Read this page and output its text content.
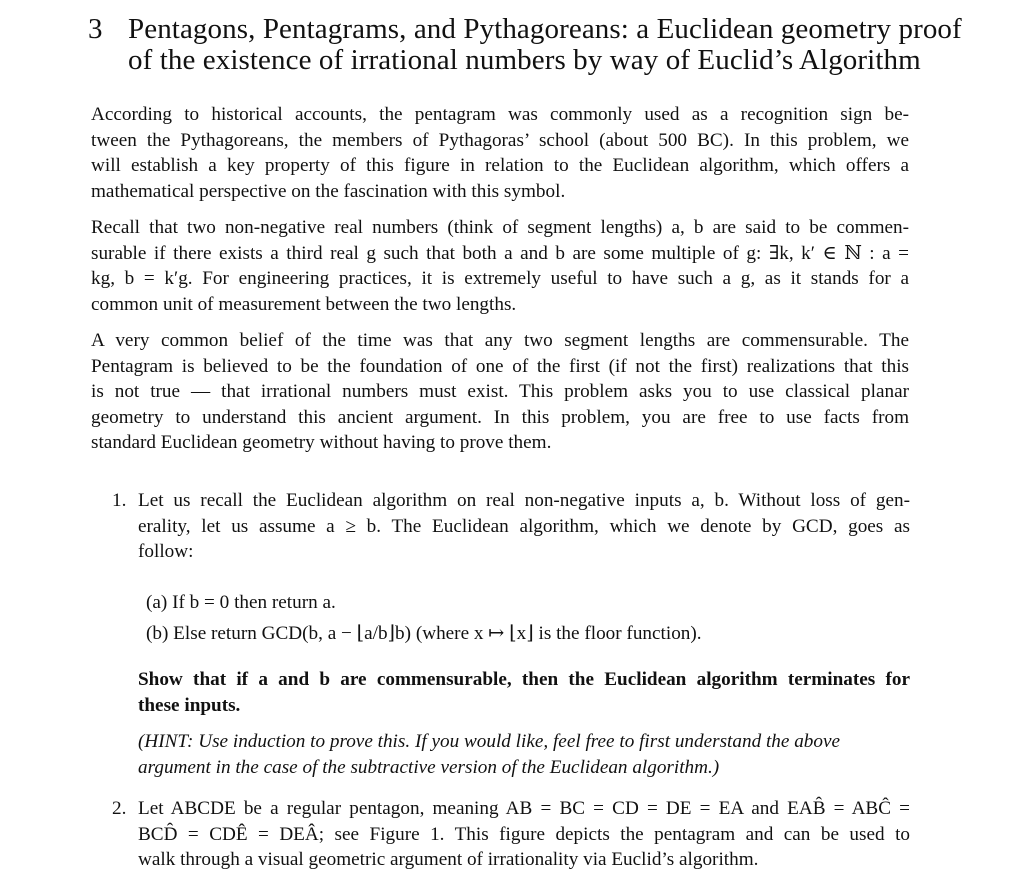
3 Pentagons, Pentagrams, and Pythagoreans: a Euclidean geometry proof
of the existence of irrational numbers by way of Euclid’s Algorithm
According to historical accounts, the pentagram was commonly used as a recognition sign be-
tween the Pythagoreans, the members of Pythagoras’ school (about 500 BC). In this problem, we
will establish a key property of this figure in relation to the Euclidean algorithm, which offers a
mathematical perspective on the fascination with this symbol.
Recall that two non-negative real numbers (think of segment lengths) a, b are said to be commen-
surable if there exists a third real g such that both a and b are some multiple of g: ∃k, k′ ∈ ℕ : a =
kg, b = k′g. For engineering practices, it is extremely useful to have such a g, as it stands for a
common unit of measurement between the two lengths.
A very common belief of the time was that any two segment lengths are commensurable. The
Pentagram is believed to be the foundation of one of the first (if not the first) realizations that this
is not true — that irrational numbers must exist. This problem asks you to use classical planar
geometry to understand this ancient argument. In this problem, you are free to use facts from
standard Euclidean geometry without having to prove them.
1. Let us recall the Euclidean algorithm on real non-negative inputs a, b. Without loss of gen-
erality, let us assume a ≥ b. The Euclidean algorithm, which we denote by GCD, goes as
follow:
(a) If b = 0 then return a.
(b) Else return GCD(b, a − ⌊a/b⌋b) (where x ↦ ⌊x⌋ is the floor function).
Show that if a and b are commensurable, then the Euclidean algorithm terminates for
these inputs.
(HINT: Use induction to prove this. If you would like, feel free to first understand the above
argument in the case of the subtractive version of the Euclidean algorithm.)
2. Let ABCDE be a regular pentagon, meaning AB = BC = CD = DE = EA and EAB̂ = ABĈ =
BCD̂ = CDÊ = DEÂ; see Figure 1. This figure depicts the pentagram and can be used to
walk through a visual geometric argument of irrationality via Euclid’s algorithm.
